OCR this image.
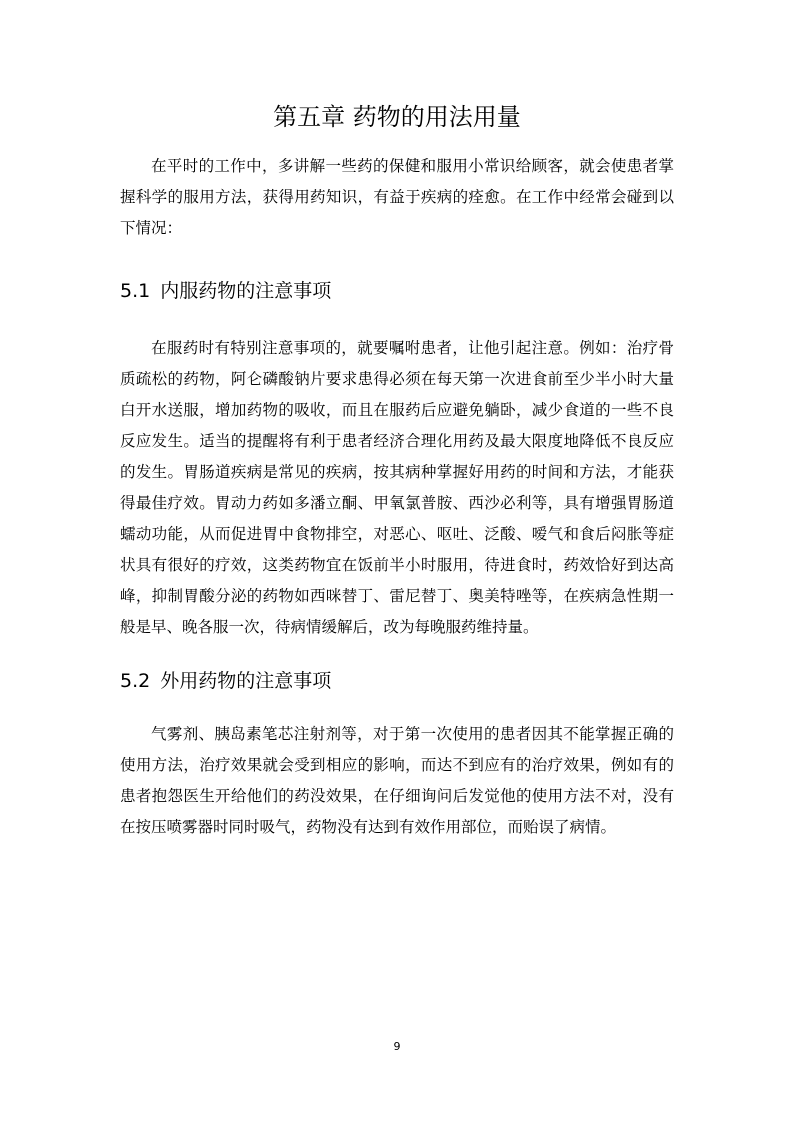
第五章 药物的用法用量

在平时的工作中，多讲解一些药的保健和服用小常识给顾客，就会使患者掌握科学的服用方法，获得用药知识，有益于疾病的痊愈。在工作中经常会碰到以下情况：

5.1 内服药物的注意事项

在服药时有特别注意事项的，就要嘱咐患者，让他引起注意。例如：治疗骨质疏松的药物，阿仑磷酸钠片要求患得必须在每天第一次进食前至少半小时大量白开水送服，增加药物的吸收，而且在服药后应避免躺卧，减少食道的一些不良反应发生。适当的提醒将有利于患者经济合理化用药及最大限度地降低不良反应的发生。胃肠道疾病是常见的疾病，按其病种掌握好用药的时间和方法，才能获得最佳疗效。胃动力药如多潘立酮、甲氧氯普胺、西沙必利等，具有增强胃肠道蠕动功能，从而促进胃中食物排空，对恶心、呕吐、泛酸、嗳气和食后闷胀等症状具有很好的疗效，这类药物宜在饭前半小时服用，待进食时，药效恰好到达高峰，抑制胃酸分泌的药物如西咪替丁、雷尼替丁、奥美特唑等，在疾病急性期一般是早、晚各服一次，待病情缓解后，改为每晚服药维持量。

5.2 外用药物的注意事项

气雾剂、胰岛素笔芯注射剂等，对于第一次使用的患者因其不能掌握正确的使用方法，治疗效果就会受到相应的影响，而达不到应有的治疗效果，例如有的患者抱怨医生开给他们的药没效果，在仔细询问后发觉他的使用方法不对，没有在按压喷雾器时同时吸气，药物没有达到有效作用部位，而贻误了病情。

9
